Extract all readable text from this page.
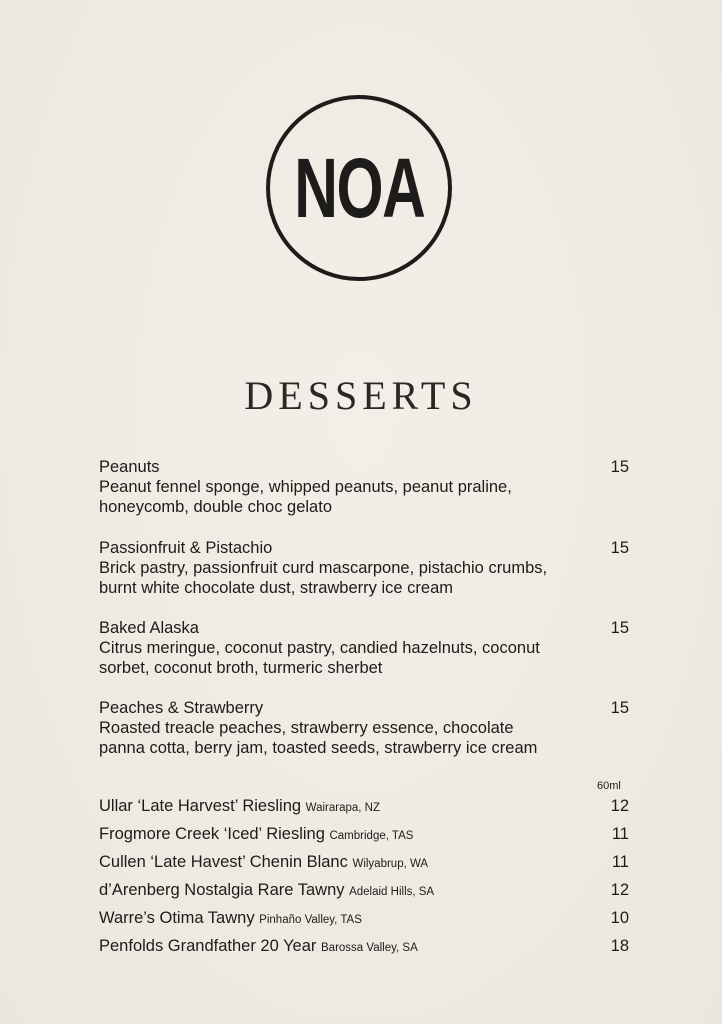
NOA
DESSERTS
Peanuts	15
Peanut fennel sponge, whipped peanuts, peanut praline,
honeycomb, double choc gelato
Passionfruit & Pistachio	15
Brick pastry, passionfruit curd mascarpone, pistachio crumbs,
burnt white chocolate dust, strawberry ice cream
Baked Alaska	15
Citrus meringue, coconut pastry, candied hazelnuts, coconut
sorbet, coconut broth, turmeric sherbet
Peaches & Strawberry	15
Roasted treacle peaches, strawberry essence, chocolate
panna cotta, berry jam, toasted seeds, strawberry ice cream
60ml
Ullar ‘Late Harvest’ Riesling Wairarapa, NZ	12
Frogmore Creek ‘Iced’ Riesling Cambridge, TAS	11
Cullen ‘Late Havest’ Chenin Blanc Wilyabrup, WA	11
d’Arenberg Nostalgia Rare Tawny Adelaid Hills, SA	12
Warre’s Otima Tawny Pinhaño Valley, TAS	10
Penfolds Grandfather 20 Year Barossa Valley, SA	18
